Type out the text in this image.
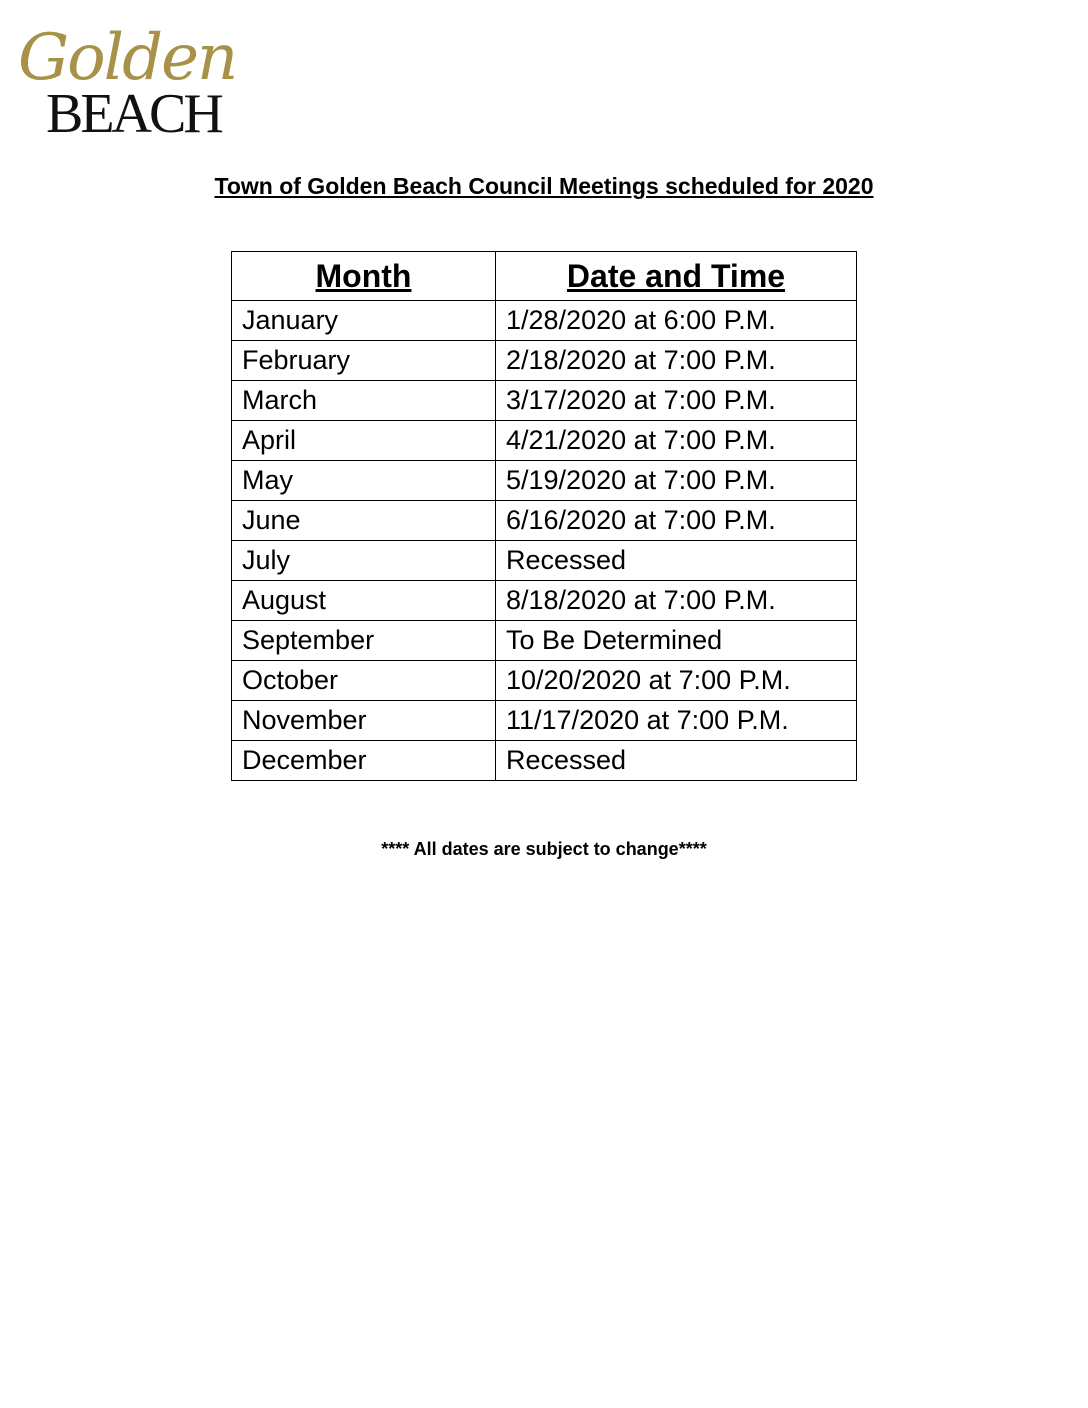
Golden
BEACH
Town of Golden Beach Council Meetings scheduled for 2020
Month	Date and Time
January	1/28/2020 at 6:00 P.M.
February	2/18/2020 at 7:00 P.M.
March	3/17/2020 at 7:00 P.M.
April	4/21/2020 at 7:00 P.M.
May	5/19/2020 at 7:00 P.M.
June	6/16/2020 at 7:00 P.M.
July	Recessed
August	8/18/2020 at 7:00 P.M.
September	To Be Determined
October	10/20/2020 at 7:00 P.M.
November	11/17/2020 at 7:00 P.M.
December	Recessed
**** All dates are subject to change****
